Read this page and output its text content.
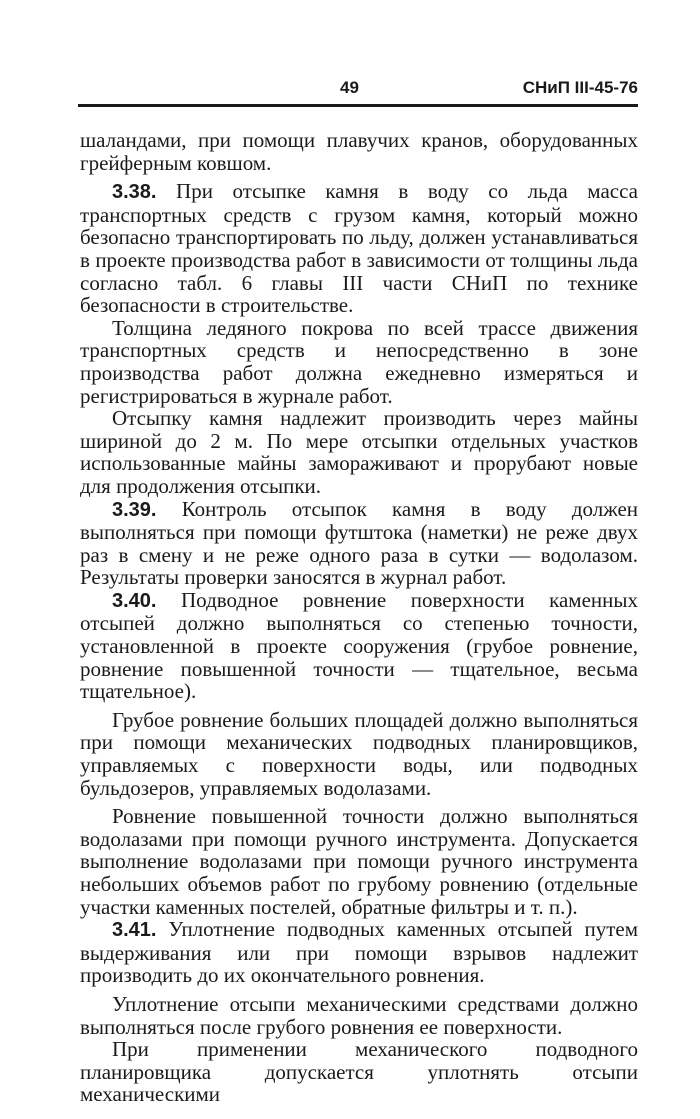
49	СНиП III-45-76

шаландами, при помощи плавучих кранов, оборудованных грейферным ковшом.

3.38. При отсыпке камня в воду со льда масса транспортных средств с грузом камня, который можно безопасно транспортировать по льду, должен устанавливаться в проекте производства работ в зависимости от толщины льда согласно табл. 6 главы III части СНиП по технике безопасности в строительстве.

Толщина ледяного покрова по всей трассе движения транспортных средств и непосредственно в зоне производства работ должна ежедневно измеряться и регистрироваться в журнале работ.

Отсыпку камня надлежит производить через майны шириной до 2 м. По мере отсыпки отдельных участков использованные майны замораживают и прорубают новые для продолжения отсыпки.

3.39. Контроль отсыпок камня в воду должен выполняться при помощи футштока (наметки) не реже двух раз в смену и не реже одного раза в сутки — водолазом. Результаты проверки заносятся в журнал работ.

3.40. Подводное ровнение поверхности каменных отсыпей должно выполняться со степенью точности, установленной в проекте сооружения (грубое ровнение, ровнение повышенной точности — тщательное, весьма тщательное).

Грубое ровнение больших площадей должно выполняться при помощи механических подводных планировщиков, управляемых с поверхности воды, или подводных бульдозеров, управляемых водолазами.

Ровнение повышенной точности должно выполняться водолазами при помощи ручного инструмента. Допускается выполнение водолазами при помощи ручного инструмента небольших объемов работ по грубому ровнению (отдельные участки каменных постелей, обратные фильтры и т. п.).

3.41. Уплотнение подводных каменных отсыпей путем выдерживания или при помощи взрывов надлежит производить до их окончательного ровнения.

Уплотнение отсыпи механическими средствами должно выполняться после грубого ровнения ее поверхности.

При применении механического подводного планировщика допускается уплотнять отсыпи механическими
